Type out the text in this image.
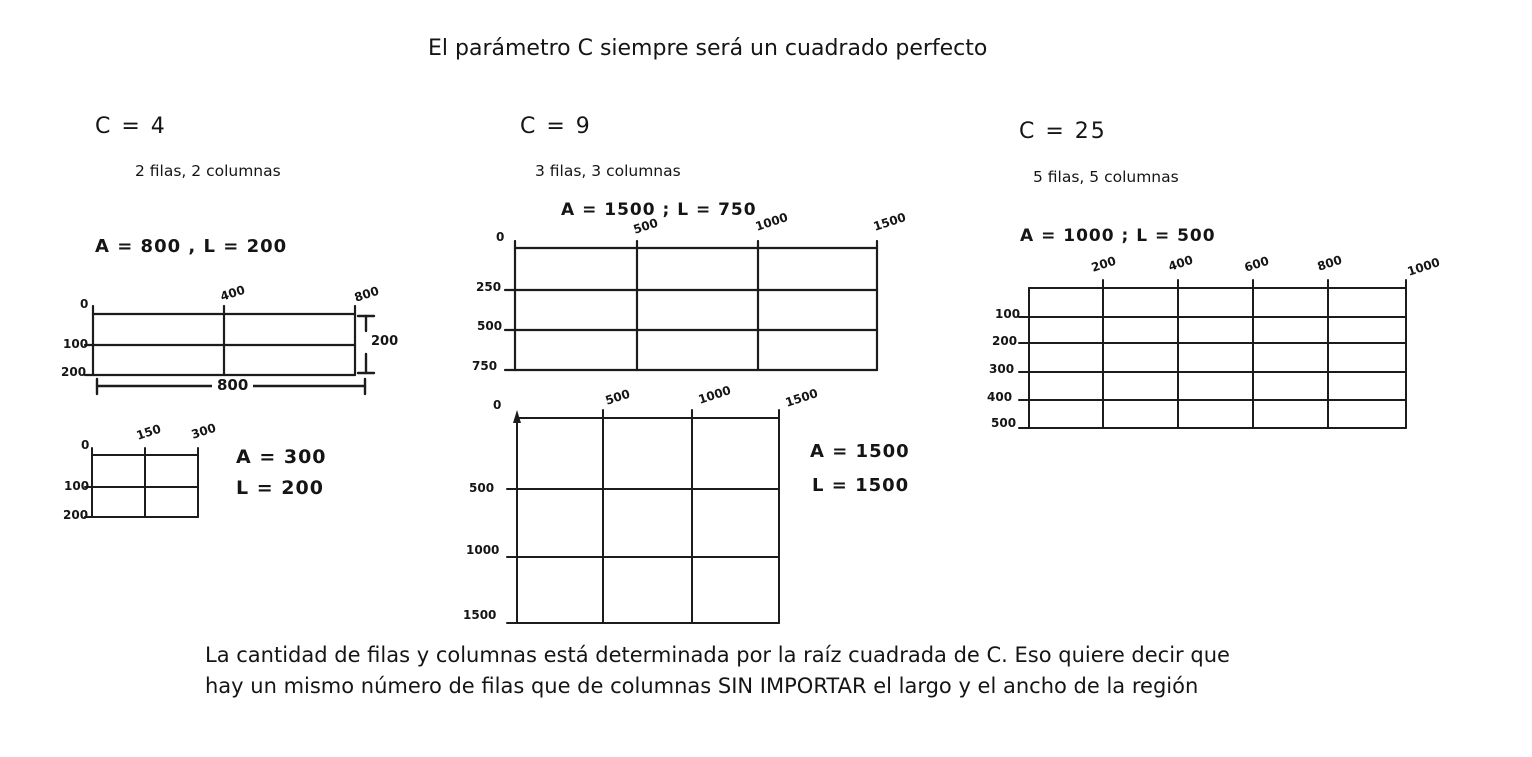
El parámetro C siempre será un cuadrado perfecto
C = 4
2 filas, 2 columnas
A = 800 , L = 200
0
400	800
100
200
200
800
0
150 300
100
200
A = 300
L = 200
C = 9
3 filas, 3 columnas
A = 1500 ; L = 750
0
500	1000	1500
250
500
750
0	500	1000	1500
500
1000
1500
A = 1500
L = 1500
C = 25
5 filas, 5 columnas
A = 1000 ; L = 500
200	400	600	800	1000
100
200
300
400
500
La cantidad de filas y columnas está determinada por la raíz cuadrada de C. Eso quiere decir que
hay un mismo número de filas que de columnas SIN IMPORTAR el largo y el ancho de la región
